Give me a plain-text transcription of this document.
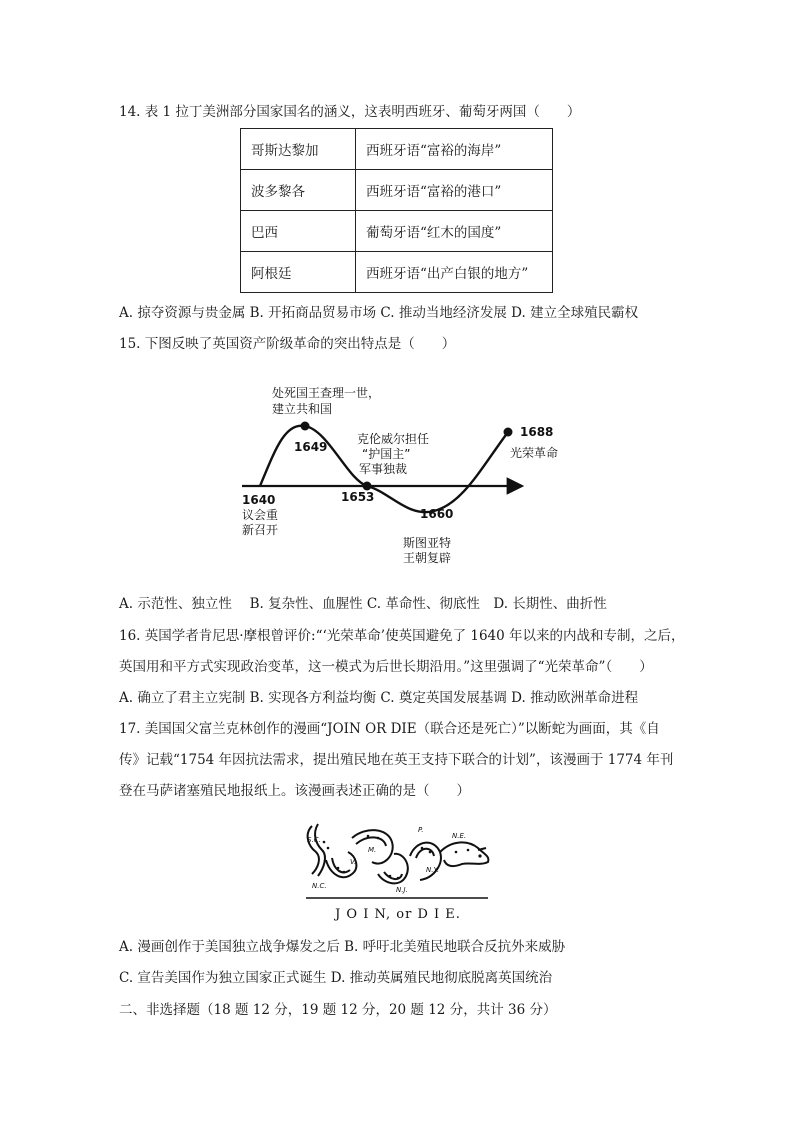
14. 表 1 拉丁美洲部分国家国名的涵义，这表明西班牙、葡萄牙两国（　　）
哥斯达黎加	西班牙语“富裕的海岸”
波多黎各	西班牙语“富裕的港口”
巴西	葡萄牙语“红木的国度”
阿根廷	西班牙语“出产白银的地方”
A. 掠夺资源与贵金属 B. 开拓商品贸易市场 C. 推动当地经济发展 D. 建立全球殖民霸权
15. 下图反映了英国资产阶级革命的突出特点是（　　）
处死国王查理一世，
建立共和国
1649
克伦威尔担任
“护国主”
军事独裁
1688
光荣革命
1640
议会重
新召开
1653
1660
斯图亚特
王朝复辟
A. 示范性、独立性　 B. 复杂性、血腥性 C. 革命性、彻底性　D. 长期性、曲折性
16. 英国学者肯尼思·摩根曾评价:“‘光荣革命’使英国避免了 1640 年以来的内战和专制，之后，
英国用和平方式实现政治变革，这一模式为后世长期沿用。”这里强调了“光荣革命”（　　）
A. 确立了君主立宪制 B. 实现各方利益均衡 C. 奠定英国发展基调 D. 推动欧洲革命进程
17. 美国国父富兰克林创作的漫画“JOIN OR DIE（联合还是死亡）”以断蛇为画面，其《自
传》记载“1754 年因抗法需求，提出殖民地在英王支持下联合的计划”，该漫画于 1774 年刊
登在马萨诸塞殖民地报纸上。该漫画表述正确的是（　　）
S.C.
N.C.
V.
M.
N.J.
P.
N.Y.
N.E.
J O I N, or D I E.
A. 漫画创作于美国独立战争爆发之后 B. 呼吁北美殖民地联合反抗外来威胁
C. 宣告美国作为独立国家正式诞生 D. 推动英属殖民地彻底脱离英国统治
二、非选择题（18 题 12 分，19 题 12 分，20 题 12 分，共计 36 分）
